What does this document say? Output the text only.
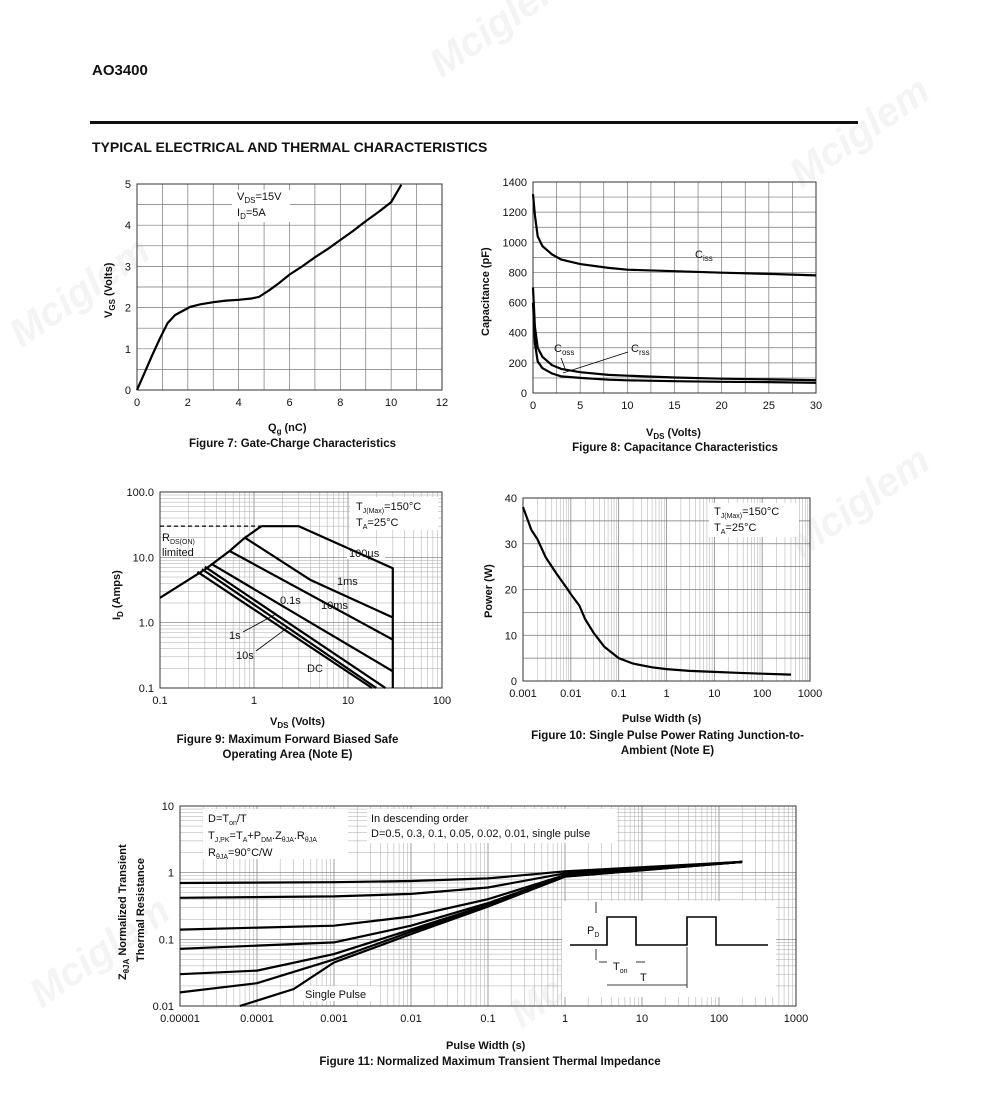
AO3400
TYPICAL ELECTRICAL AND THERMAL CHARACTERISTICS
0	2	4	6	8	10	12
0
1
2
3
4
5
$V_{DS}=15V$
$I_D=5A$
$Q_g$ (nC)
$V_{GS}$ (Volts)
Figure 7: Gate-Charge Characteristics
0	5	10	15	20	25	30
0
200
400
600
800
1000
1200
1400
$C_{iss}$
$C_{oss}$	$C_{rss}$
$V_{DS}$ (Volts)
Capacitance (pF)
Figure 8: Capacitance Characteristics
0.1	1	10	100
0.1
1.0
10.0
100.0
$T_{J(Max)}=150^\circ C$
$T_A=25^\circ C$
$R_{DS(ON)}$
limited	100µs
1ms
10ms
0.1s
1s
10s
DC
$V_{DS}$ (Volts)
$I_D$ (Amps)
Figure 9: Maximum Forward Biased Safe
Operating Area (Note E)
0.001 0.01	0.1	1	10	100 1000
0
10
20
30
40
$T_{J(Max)}=150^\circ C$
$T_A=25^\circ C$
Pulse Width (s)
Power (W)
Figure 10: Single Pulse Power Rating Junction-to-
Ambient (Note E)
0.00001	0.0001	0.001	0.01	0.1	1	10	100	1000
0.01
0.1
1
10
$D=T_{on}/T$
$T_{J,PK}=T_A+P_{DM}.Z_{\theta JA}.R_{\theta JA}$
$R_{\theta JA}=90^\circ C/W$
In descending order
D=0.5, 0.3, 0.1, 0.05, 0.02, 0.01, single pulse
Single Pulse
$P_D$
$T_{on}$
T
Pulse Width (s)
$Z_{\theta JA}$ Normalized Transient Thermal Resistance
Figure 11: Normalized Maximum Transient Thermal Impedance
